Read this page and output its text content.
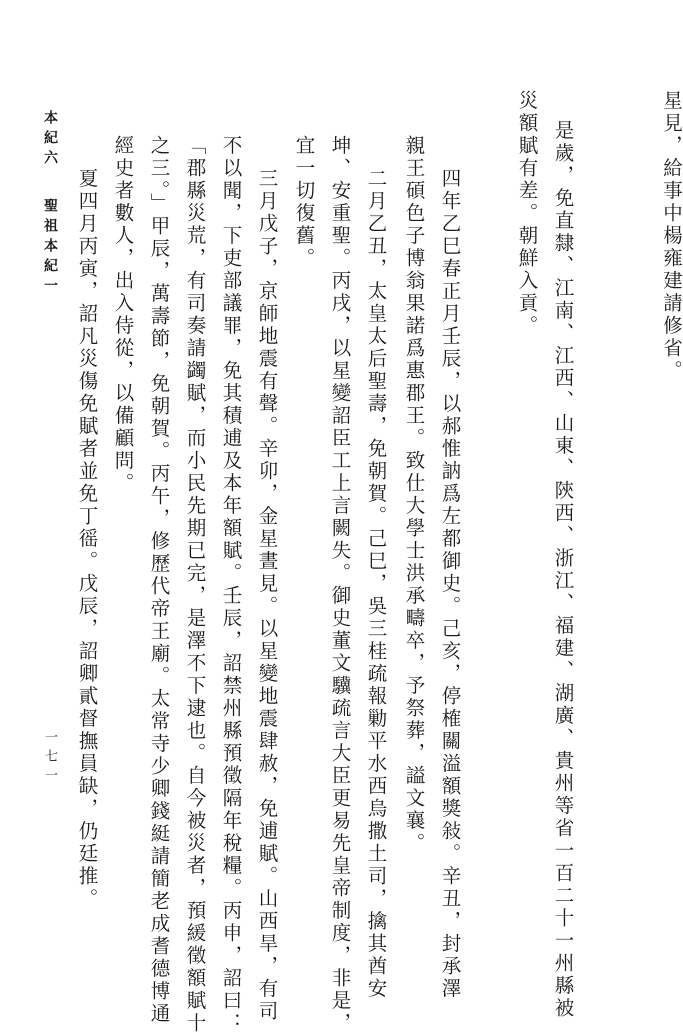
星見，給事中楊雍建請修省。
是歲，免直隸、江南、江西、山東、陝西、浙江、福建、湖廣、貴州等省一百二十一州縣被
災額賦有差。朝鮮入貢。
四年乙巳春正月壬辰，以郝惟訥爲左都御史。己亥，停榷關溢額獎敍。辛丑，封承澤
親王碩色子博翁果諾爲惠郡王。致仕大學士洪承疇卒，予祭葬，謚文襄。
二月乙丑，太皇太后聖壽，免朝賀。己巳，吳三桂疏報勦平水西烏撒土司，擒其酋安
坤、安重聖。丙戌，以星變詔臣工上言闕失。御史董文驥疏言大臣更易先皇帝制度，非是，
宜一切復舊。
三月戊子，京師地震有聲。辛卯，金星晝見。以星變地震肆赦，免逋賦。山西旱，有司
不以聞，下吏部議罪，免其積逋及本年額賦。壬辰，詔禁州縣預徵隔年稅糧。丙申，詔曰：
「郡縣災荒，有司奏請蠲賦，而小民先期已完，是澤不下逮也。自今被災者，預緩徵額賦十
之三。」甲辰，萬壽節，免朝賀。丙午，修歷代帝王廟。太常寺少卿錢綎請簡老成耆德博通
經史者數人，出入侍從，以備顧問。
夏四月丙寅，詔凡災傷免賦者並免丁徭。戊辰，詔卿貳督撫員缺，仍廷推。
本紀六聖祖本紀一
一七一
